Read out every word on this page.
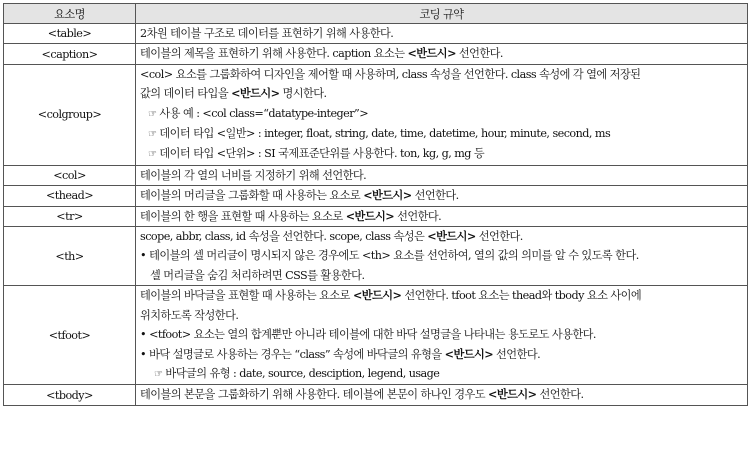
요소명	코딩 규약
<table>	2차원 테이블 구조로 데이터를 표현하기 위해 사용한다.

<caption>	테이블의 제목을 표현하기 위해 사용한다. caption 요소는 <반드시> 선언한다.

<colgroup>	<col> 요소를 그룹화하여 디자인을 제어할 때 사용하며, class 속성을 선언한다. class 속성에 각 열에 저장된
값의 데이터 타입을 <반드시> 명시한다.
☞ 사용 예 : <col class=“datatype-integer”>
☞ 데이터 타입 <일반> : integer, float, string, date, time, datetime, hour, minute, second, ms
☞ 데이터 타입 <단위> : SI 국제표준단위를 사용한다. ton, kg, g, mg 등

<col>	테이블의 각 열의 너비를 지정하기 위해 선언한다.

<thead>	테이블의 머리글을 그룹화할 때 사용하는 요소로 <반드시> 선언한다.

<tr>	테이블의 한 행을 표현할 때 사용하는 요소로 <반드시> 선언한다.

<th>	scope, abbr, class, id 속성을 선언한다. scope, class 속성은 <반드시> 선언한다.
• 테이블의 셀 머리글이 명시되지 않은 경우에도 <th> 요소를 선언하여, 열의 값의 의미를 알 수 있도록 한다.
셀 머리글을 숨김 처리하려면 CSS를 활용한다.

<tfoot>	테이블의 바닥글을 표현할 때 사용하는 요소로 <반드시> 선언한다. tfoot 요소는 thead와 tbody 요소 사이에
위치하도록 작성한다.
• <tfoot> 요소는 열의 합계뿐만 아니라 테이블에 대한 바닥 설명글을 나타내는 용도로도 사용한다.
• 바닥 설명글로 사용하는 경우는 “class” 속성에 바닥글의 유형을 <반드시> 선언한다.
☞ 바닥글의 유형 : date, source, desciption, legend, usage

<tbody>	테이블의 본문을 그룹화하기 위해 사용한다. 테이블에 본문이 하나인 경우도 <반드시> 선언한다.
